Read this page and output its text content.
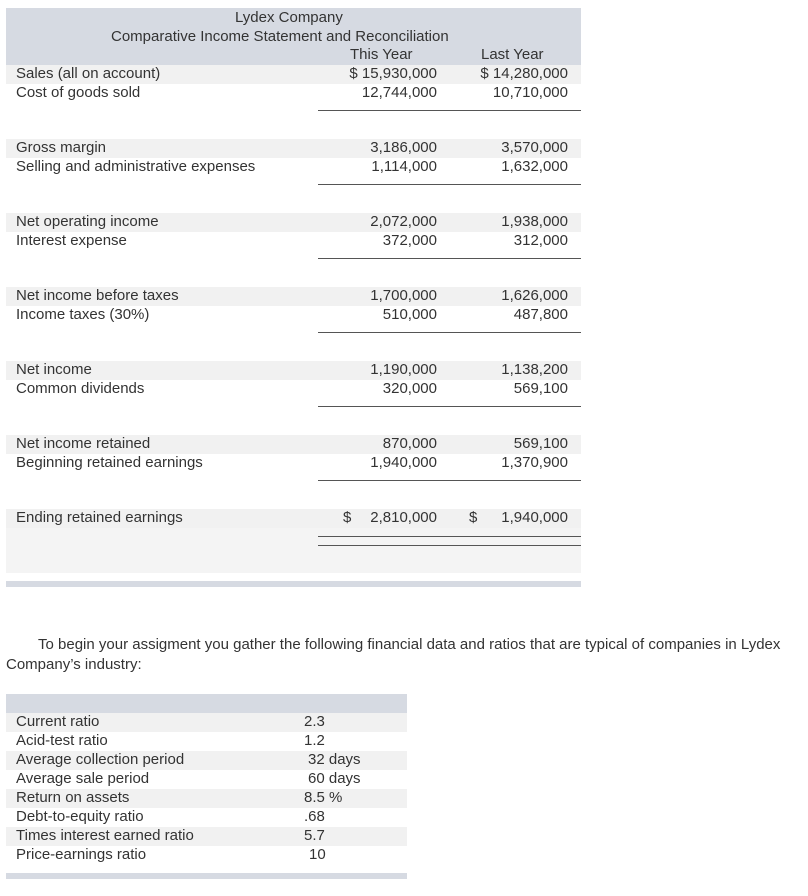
Lydex Company
Comparative Income Statement and Reconciliation
This Year	Last Year
Sales (all on account)	$ 15,930,000	$ 14,280,000
Cost of goods sold	12,744,000	10,710,000
Gross margin	3,186,000	3,570,000
Selling and administrative expenses	1,114,000	1,632,000
Net operating income	2,072,000	1,938,000
Interest expense	372,000	312,000
Net income before taxes	1,700,000	1,626,000
Income taxes (30%)	510,000	487,800
Net income	1,190,000	1,138,200
Common dividends	320,000	569,100
Net income retained	870,000	569,100
Beginning retained earnings	1,940,000	1,370,900
Ending retained earnings	$	2,810,000 $	1,940,000
To begin your assigment you gather the following financial data and ratios that are typical of companies in Lydex Company’s industry:
Current ratio	2.3
Acid-test ratio	1.2
Average collection period	32 days
Average sale period	60 days
Return on assets	8.5 %
Debt-to-equity ratio	.68
Times interest earned ratio	5.7
Price-earnings ratio	10
